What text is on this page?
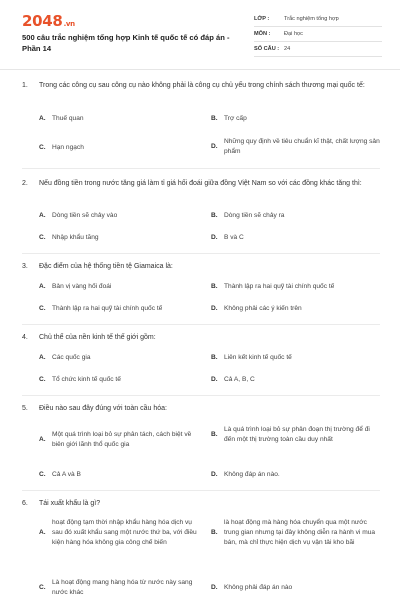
2048.vn
500 câu trắc nghiệm tổng hợp Kinh tế quốc tế có đáp án - Phần 14
LỚP :	Trắc nghiệm tổng hợp
MÔN :	Đại học
SỐ CÂU : 24
1.	Trong các công cụ sau công cụ nào không phải là công cụ chủ yếu trong chính sách thương mại quốc tế:
A. Thuế quan	B. Trợ cấp
C. Hạn ngạch	D.
Những quy định về tiêu chuẩn kĩ thật, chất lượng sản phẩm
2.	Nếu đồng tiền trong nước tăng giá làm tỉ giá hối đoái giữa đồng Việt Nam so với các đồng khác tăng thì:
A. Dòng tiền sẽ chảy vào	B. Dòng tiền sẽ chảy ra
C. Nhập khẩu tăng	D. B và C
3.	Đặc điểm của hệ thống tiền tệ Giamaica là:
A. Bản vị vàng hối đoái	B. Thành lập ra hai quỹ tài chính quốc tế
C. Thành lập ra hai quỹ tài chính quốc tế	D. Không phải các ý kiến trên
4.	Chủ thể của nền kinh tế thế giới gồm:
A. Các quốc gia	B. Liên kết kinh tế quốc tế
C. Tổ chức kinh tế quốc tế	D. Cả A, B, C
5.	Điều nào sau đây đúng với toàn cầu hóa:
A.
Một quá trình loại bỏ sự phân tách, cách biệt về biên giới lãnh thổ quốc gia
B.
Là quá trình loại bỏ sự phân đoạn thị trường để đi đến một thị trường toàn cầu duy nhất
C. Cả A và B	D. Không đáp án nào.
6.	Tái xuất khẩu là gì?
A.
hoạt động tạm thời nhập khẩu hàng hóa dịch vụ sau đó xuất khẩu sang một nước thứ ba, với điều kiện hàng hóa không gia công chế biến
B.
là hoạt động mà hàng hóa chuyển qua một nước trung gian nhưng tại đây không diễn ra hành vi mua bán, mà chỉ thực hiện dịch vụ vận tải kho bãi
C.
Là hoạt động mang hàng hóa từ nước này sang nước khác
D. Không phải đáp án nào
